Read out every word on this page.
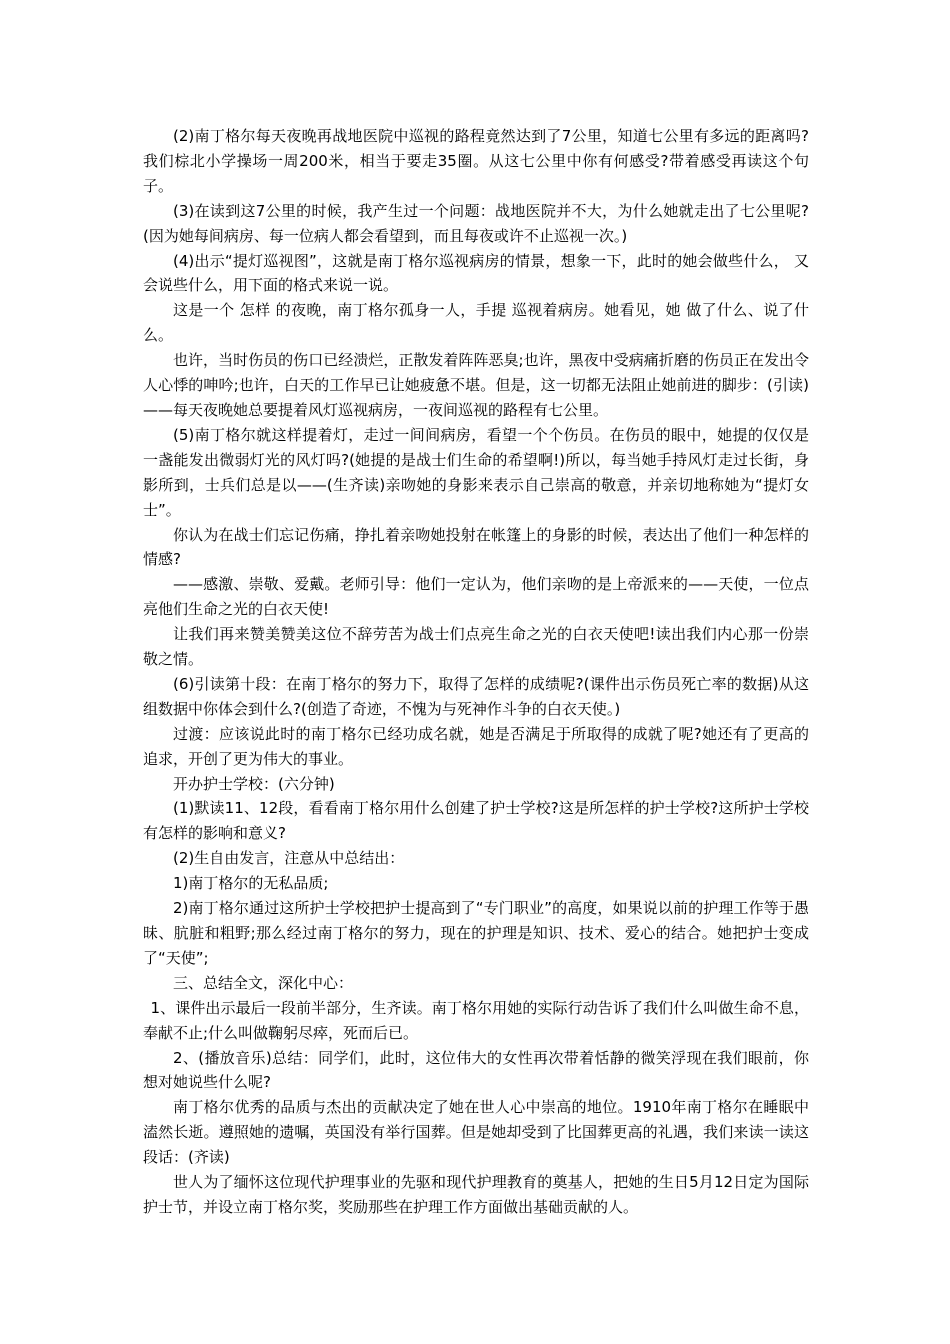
(2)南丁格尔每天夜晚再战地医院中巡视的路程竟然达到了7公里，知道七公里有多远的距离吗?我们棕北小学操场一周200米，相当于要走35圈。从这七公里中你有何感受?带着感受再读这个句子。

(3)在读到这7公里的时候，我产生过一个问题：战地医院并不大，为什么她就走出了七公里呢?(因为她每间病房、每一位病人都会看望到，而且每夜或许不止巡视一次。)

(4)出示“提灯巡视图”，这就是南丁格尔巡视病房的情景，想象一下，此时的她会做些什么， 又会说些什么，用下面的格式来说一说。

这是一个 怎样 的夜晚，南丁格尔孤身一人，手提 巡视着病房。她看见，她 做了什么、说了什么。

也许，当时伤员的伤口已经溃烂，正散发着阵阵恶臭;也许，黑夜中受病痛折磨的伤员正在发出令人心悸的呻吟;也许，白天的工作早已让她疲惫不堪。但是，这一切都无法阻止她前进的脚步：(引读)——每天夜晚她总要提着风灯巡视病房，一夜间巡视的路程有七公里。

(5)南丁格尔就这样提着灯，走过一间间病房，看望一个个伤员。在伤员的眼中，她提的仅仅是一盏能发出微弱灯光的风灯吗?(她提的是战士们生命的希望啊!)所以，每当她手持风灯走过长街，身影所到，士兵们总是以——(生齐读)亲吻她的身影来表示自己崇高的敬意，并亲切地称她为“提灯女士”。

你认为在战士们忘记伤痛，挣扎着亲吻她投射在帐篷上的身影的时候，表达出了他们一种怎样的情感?

——感激、崇敬、爱戴。老师引导：他们一定认为，他们亲吻的是上帝派来的——天使，一位点亮他们生命之光的白衣天使!

让我们再来赞美赞美这位不辞劳苦为战士们点亮生命之光的白衣天使吧!读出我们内心那一份崇敬之情。

(6)引读第十段：在南丁格尔的努力下，取得了怎样的成绩呢?(课件出示伤员死亡率的数据)从这组数据中你体会到什么?(创造了奇迹，不愧为与死神作斗争的白衣天使。)

过渡：应该说此时的南丁格尔已经功成名就，她是否满足于所取得的成就了呢?她还有了更高的追求，开创了更为伟大的事业。

开办护士学校：(六分钟)

(1)默读11、12段，看看南丁格尔用什么创建了护士学校?这是所怎样的护士学校?这所护士学校有怎样的影响和意义?

(2)生自由发言，注意从中总结出：

1)南丁格尔的无私品质;

2)南丁格尔通过这所护士学校把护士提高到了“专门职业”的高度，如果说以前的护理工作等于愚昧、肮脏和粗野;那么经过南丁格尔的努力，现在的护理是知识、技术、爱心的结合。她把护士变成了“天使”;

三、总结全文，深化中心：

1、课件出示最后一段前半部分，生齐读。南丁格尔用她的实际行动告诉了我们什么叫做生命不息，奉献不止;什么叫做鞠躬尽瘁，死而后已。

2、(播放音乐)总结：同学们，此时，这位伟大的女性再次带着恬静的微笑浮现在我们眼前，你想对她说些什么呢?

南丁格尔优秀的品质与杰出的贡献决定了她在世人心中崇高的地位。1910年南丁格尔在睡眠中溘然长逝。遵照她的遗嘱，英国没有举行国葬。但是她却受到了比国葬更高的礼遇，我们来读一读这段话：(齐读)

世人为了缅怀这位现代护理事业的先驱和现代护理教育的奠基人，把她的生日5月12日定为国际护士节，并设立南丁格尔奖，奖励那些在护理工作方面做出基础贡献的人。
